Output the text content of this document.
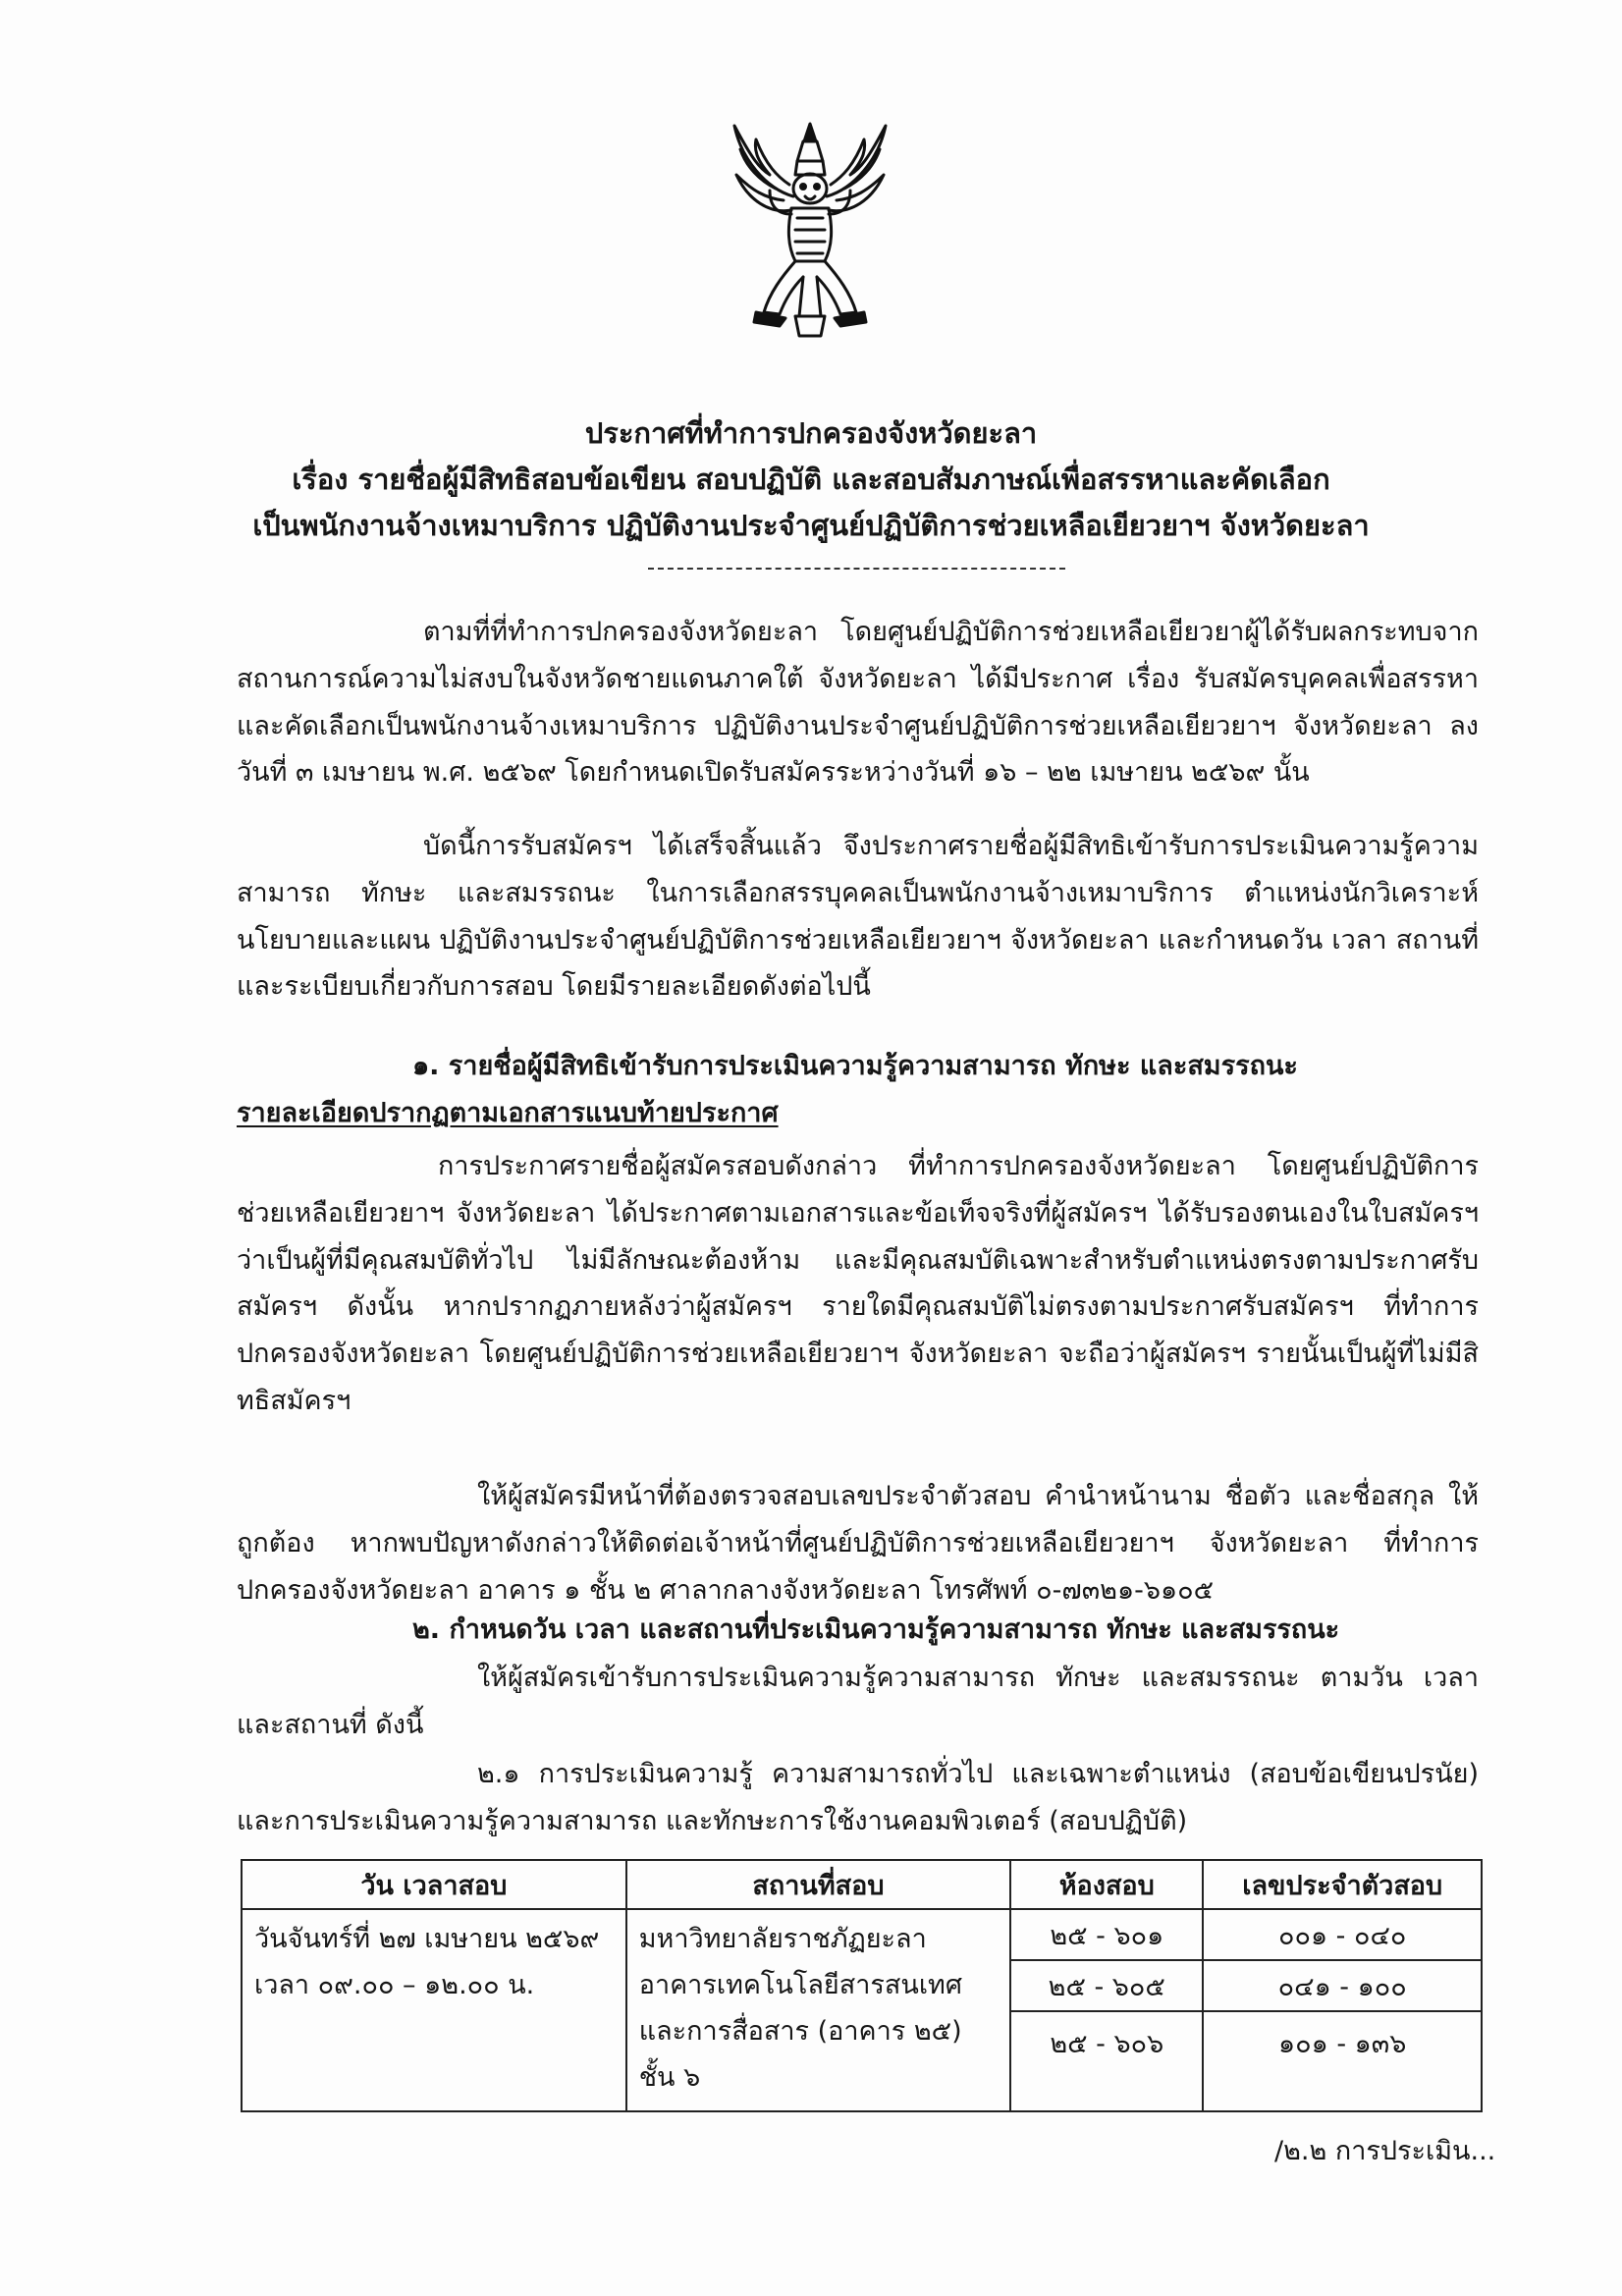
ประกาศที่ทำการปกครองจังหวัดยะลา
เรื่อง รายชื่อผู้มีสิทธิสอบข้อเขียน สอบปฏิบัติ และสอบสัมภาษณ์เพื่อสรรหาและคัดเลือก
เป็นพนักงานจ้างเหมาบริการ ปฏิบัติงานประจำศูนย์ปฏิบัติการช่วยเหลือเยียวยาฯ จังหวัดยะลา

ตามที่ที่ทำการปกครองจังหวัดยะลา โดยศูนย์ปฏิบัติการช่วยเหลือเยียวยาผู้ได้รับผลกระทบจากสถานการณ์ความไม่สงบในจังหวัดชายแดนภาคใต้ จังหวัดยะลา ได้มีประกาศ เรื่อง รับสมัครบุคคลเพื่อสรรหาและคัดเลือกเป็นพนักงานจ้างเหมาบริการ ปฏิบัติงานประจำศูนย์ปฏิบัติการช่วยเหลือเยียวยาฯ จังหวัดยะลา ลงวันที่ ๓ เมษายน พ.ศ. ๒๕๖๙ โดยกำหนดเปิดรับสมัครระหว่างวันที่ ๑๖ – ๒๒ เมษายน ๒๕๖๙ นั้น

บัดนี้การรับสมัครฯ ได้เสร็จสิ้นแล้ว จึงประกาศรายชื่อผู้มีสิทธิเข้ารับการประเมินความรู้ความสามารถ ทักษะ และสมรรถนะ ในการเลือกสรรบุคคลเป็นพนักงานจ้างเหมาบริการ ตำแหน่งนักวิเคราะห์นโยบายและแผน ปฏิบัติงานประจำศูนย์ปฏิบัติการช่วยเหลือเยียวยาฯ จังหวัดยะลา และกำหนดวัน เวลา สถานที่ และระเบียบเกี่ยวกับการสอบ โดยมีรายละเอียดดังต่อไปนี้

๑. รายชื่อผู้มีสิทธิเข้ารับการประเมินความรู้ความสามารถ ทักษะ และสมรรถนะ
รายละเอียดปรากฏตามเอกสารแนบท้ายประกาศ

การประกาศรายชื่อผู้สมัครสอบดังกล่าว ที่ทำการปกครองจังหวัดยะลา โดยศูนย์ปฏิบัติการช่วยเหลือเยียวยาฯ จังหวัดยะลา ได้ประกาศตามเอกสารและข้อเท็จจริงที่ผู้สมัครฯ ได้รับรองตนเองในใบสมัครฯ ว่าเป็นผู้ที่มีคุณสมบัติทั่วไป ไม่มีลักษณะต้องห้าม และมีคุณสมบัติเฉพาะสำหรับตำแหน่งตรงตามประกาศรับสมัครฯ ดังนั้น หากปรากฏภายหลังว่าผู้สมัครฯ รายใดมีคุณสมบัติไม่ตรงตามประกาศรับสมัครฯ ที่ทำการปกครองจังหวัดยะลา โดยศูนย์ปฏิบัติการช่วยเหลือเยียวยาฯ จังหวัดยะลา จะถือว่าผู้สมัครฯ รายนั้นเป็นผู้ที่ไม่มีสิทธิสมัครฯ

ให้ผู้สมัครมีหน้าที่ต้องตรวจสอบเลขประจำตัวสอบ คำนำหน้านาม ชื่อตัว และชื่อสกุล ให้ถูกต้อง หากพบปัญหาดังกล่าวให้ติดต่อเจ้าหน้าที่ศูนย์ปฏิบัติการช่วยเหลือเยียวยาฯ จังหวัดยะลา ที่ทำการปกครองจังหวัดยะลา อาคาร ๑ ชั้น ๒ ศาลากลางจังหวัดยะลา โทรศัพท์ ๐-๗๓๒๑-๖๑๐๕

๒. กำหนดวัน เวลา และสถานที่ประเมินความรู้ความสามารถ ทักษะ และสมรรถนะ

ให้ผู้สมัครเข้ารับการประเมินความรู้ความสามารถ ทักษะ และสมรรถนะ ตามวัน เวลา และสถานที่ ดังนี้

๒.๑ การประเมินความรู้ ความสามารถทั่วไป และเฉพาะตำแหน่ง (สอบข้อเขียนปรนัย) และการประเมินความรู้ความสามารถ และทักษะการใช้งานคอมพิวเตอร์ (สอบปฏิบัติ)

วัน เวลาสอบ	สถานที่สอบ	ห้องสอบ	เลขประจำตัวสอบ

วันจันทร์ที่ ๒๗ เมษายน ๒๕๖๙
เวลา ๐๙.๐๐ – ๑๒.๐๐ น.	มหาวิทยาลัยราชภัฏยะลา อาคารเทคโนโลยีสารสนเทศและการสื่อสาร (อาคาร ๒๕) ชั้น ๖	๒๕ - ๖๐๑	๐๐๑ - ๐๔๐
		๒๕ - ๖๐๕	๐๔๑ - ๑๐๐
		๒๕ - ๖๐๖	๑๐๑ - ๑๓๖
/๒.๒ การประเมิน...
